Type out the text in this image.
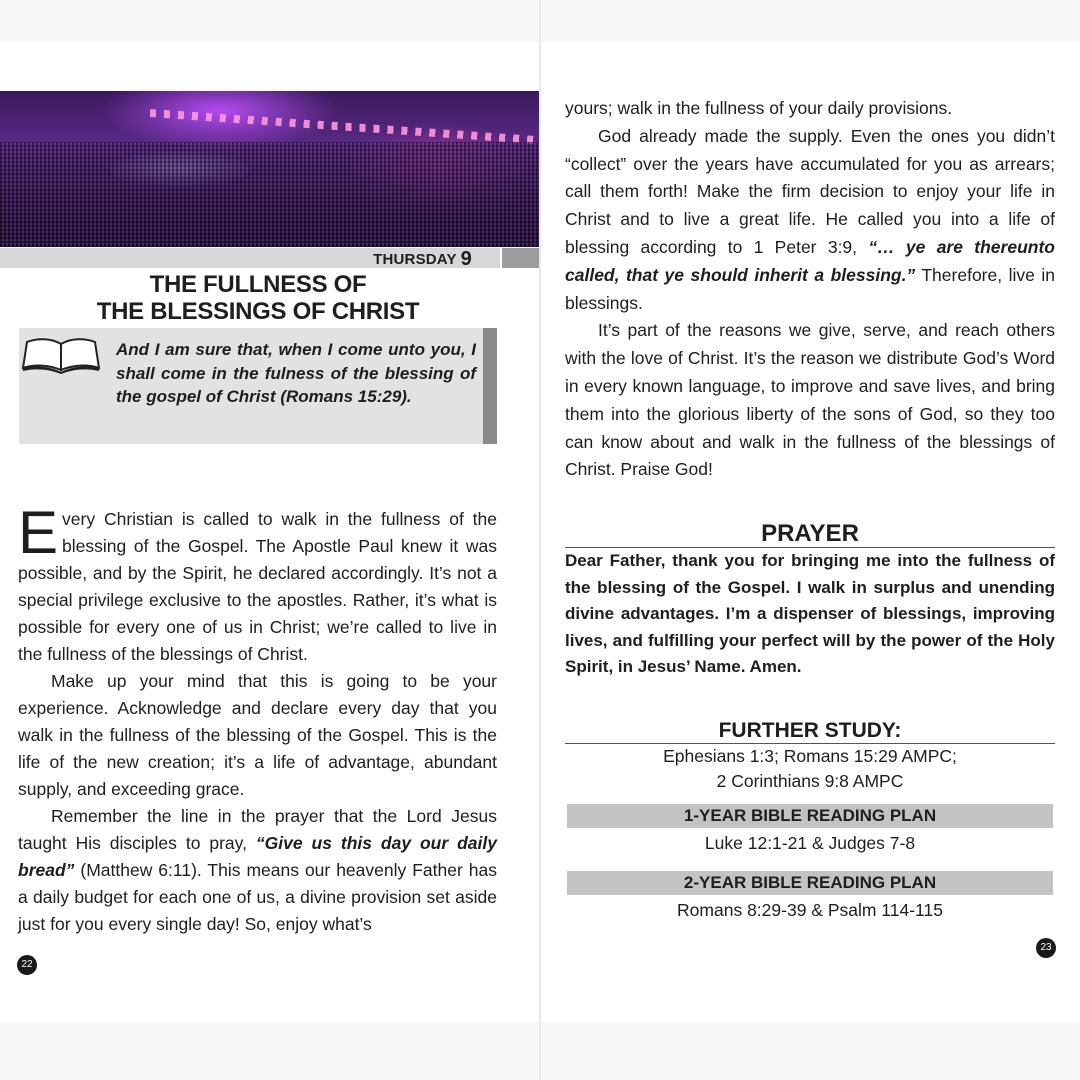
THURSDAY 9
THE FULLNESS OF
THE BLESSINGS OF CHRIST
And I am sure that, when I come unto you, I shall come in the fulness of the blessing of the gospel of Christ (Romans 15:29).

Every Christian is called to walk in the fullness of the blessing of the Gospel. The Apostle Paul knew it was possible, and by the Spirit, he declared accordingly. It’s not a special privilege exclusive to the apostles. Rather, it’s what is possible for every one of us in Christ; we’re called to live in the fullness of the blessings of Christ.

Make up your mind that this is going to be your experience. Acknowledge and declare every day that you walk in the fullness of the blessing of the Gospel. This is the life of the new creation; it’s a life of advantage, abundant supply, and exceeding grace.

Remember the line in the prayer that the Lord Jesus taught His disciples to pray, “Give us this day our daily bread” (Matthew 6:11). This means our heavenly Father has a daily budget for each one of us, a divine provision set aside just for you every single day! So, enjoy what’s

22

yours; walk in the fullness of your daily provisions.

God already made the supply. Even the ones you didn’t “collect” over the years have accumulated for you as arrears; call them forth! Make the firm decision to enjoy your life in Christ and to live a great life. He called you into a life of blessing according to 1 Peter 3:9, “… ye are thereunto called, that ye should inherit a blessing.” Therefore, live in blessings.

It’s part of the reasons we give, serve, and reach others with the love of Christ. It’s the reason we distribute God’s Word in every known language, to improve and save lives, and bring them into the glorious liberty of the sons of God, so they too can know about and walk in the fullness of the blessings of Christ. Praise God!

PRAYER
Dear Father, thank you for bringing me into the fullness of the blessing of the Gospel. I walk in surplus and unending divine advantages. I’m a dispenser of blessings, improving lives, and fulfilling your perfect will by the power of the Holy Spirit, in Jesus’ Name. Amen.
FURTHER STUDY:
Ephesians 1:3; Romans 15:29 AMPC;
2 Corinthians 9:8 AMPC
1-YEAR BIBLE READING PLAN
Luke 12:1-21 & Judges 7-8
2-YEAR BIBLE READING PLAN
Romans 8:29-39 & Psalm 114-115
23
